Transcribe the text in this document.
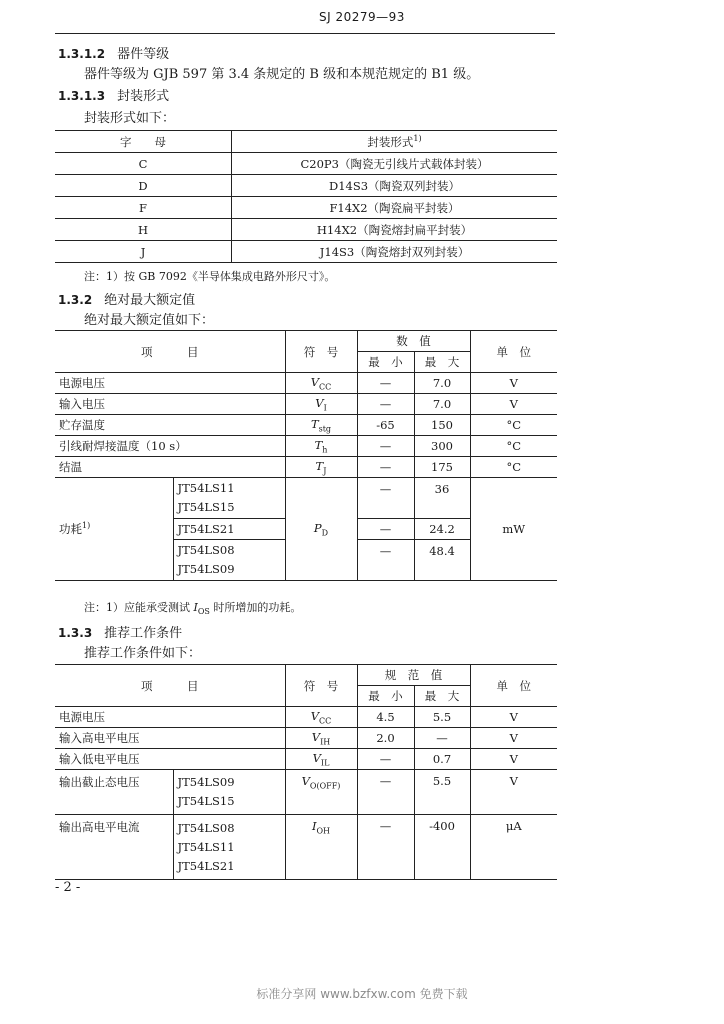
SJ 20279—93
1.3.1.2 器件等级
器件等级为 GJB 597 第 3.4 条规定的 B 级和本规范规定的 B1 级。
1.3.1.3 封装形式
封装形式如下：
字　　母	封装形式$^{1)}$
C	C20P3（陶瓷无引线片式载体封装）
D	D14S3（陶瓷双列封装）
F	F14X2（陶瓷扁平封装）
H	H14X2（陶瓷熔封扁平封装）
J	J14S3（陶瓷熔封双列封装）
注：1）按 GB 7092《半导体集成电路外形尺寸》。
1.3.2 绝对最大额定值
绝对最大额定值如下：
项　　　目		符　号	数　值		单　位
			最　小	最　大	
电源电压		$V_{CC}$	—	7.0	V
输入电压		$V_I$	—	7.0	V
贮存温度		$T_{stg}$	-65	150	°C
引线耐焊接温度（10 s）		$T_h$	—	300	°C
结温		$T_J$	—	175	°C
功耗$^{1)}$	JT54LS11
JT54LS15	$P_D$	—	36	mW
	JT54LS21		—	24.2	

	JT54LS08
JT54LS09		—	48.4	
注：1）应能承受测试 $I_{OS}$ 时所增加的功耗。
1.3.3 推荐工作条件
推荐工作条件如下：
项　　　目		符　号	规　范　值		单　位
			最　小	最　大	
电源电压		$V_{CC}$	4.5	5.5	V
输入高电平电压		$V_{IH}$	2.0	—	V
输入低电平电压		$V_{IL}$	—	0.7	V
输出截止态电压	JT54LS09
JT54LS15	$V_{O(OFF)}$	—	5.5	V
输出高电平电流	JT54LS08
JT54LS11
JT54LS21	$I_{OH}$	—	-400	μA
- 2 -
标准分享网 www.bzfxw.com 免费下载
